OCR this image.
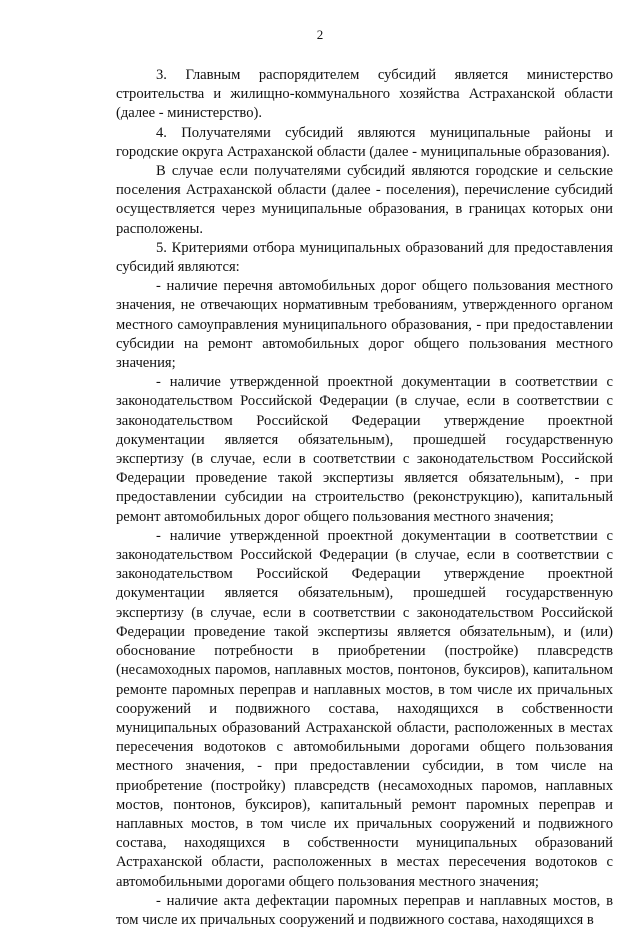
2

3. Главным распорядителем субсидий является министерство строительства и жилищно-коммунального хозяйства Астраханской области (далее - министерство).

4. Получателями субсидий являются муниципальные районы и городские округа Астраханской области (далее - муниципальные образования).

В случае если получателями субсидий являются городские и сельские поселения Астраханской области (далее - поселения), перечисление субсидий осуществляется через муниципальные образования, в границах которых они расположены.

5. Критериями отбора муниципальных образований для предоставления субсидий являются:

- наличие перечня автомобильных дорог общего пользования местного значения, не отвечающих нормативным требованиям, утвержденного органом местного самоуправления муниципального образования, - при предоставлении субсидии на ремонт автомобильных дорог общего пользования местного значения;

- наличие утвержденной проектной документации в соответствии с законодательством Российской Федерации (в случае, если в соответствии с законодательством Российской Федерации утверждение проектной документации является обязательным), прошедшей государственную экспертизу (в случае, если в соответствии с законодательством Российской Федерации проведение такой экспертизы является обязательным), - при предоставлении субсидии на строительство (реконструкцию), капитальный ремонт автомобильных дорог общего пользования местного значения;

- наличие утвержденной проектной документации в соответствии с законодательством Российской Федерации (в случае, если в соответствии с законодательством Российской Федерации утверждение проектной документации является обязательным), прошедшей государственную экспертизу (в случае, если в соответствии с законодательством Российской Федерации проведение такой экспертизы является обязательным), и (или) обоснование потребности в приобретении (постройке) плавсредств (несамоходных паромов, наплавных мостов, понтонов, буксиров), капитальном ремонте паромных переправ и наплавных мостов, в том числе их причальных сооружений и подвижного состава, находящихся в собственности муниципальных образований Астраханской области, расположенных в местах пересечения водотоков с автомобильными дорогами общего пользования местного значения, - при предоставлении субсидии, в том числе на приобретение (постройку) плавсредств (несамоходных паромов, наплавных мостов, понтонов, буксиров), капитальный ремонт паромных переправ и наплавных мостов, в том числе их причальных сооружений и подвижного состава, находящихся в собственности муниципальных образований Астраханской области, расположенных в местах пересечения водотоков с автомобильными дорогами общего пользования местного значения;

- наличие акта дефектации паромных переправ и наплавных мостов, в том числе их причальных сооружений и подвижного состава, находящихся в
